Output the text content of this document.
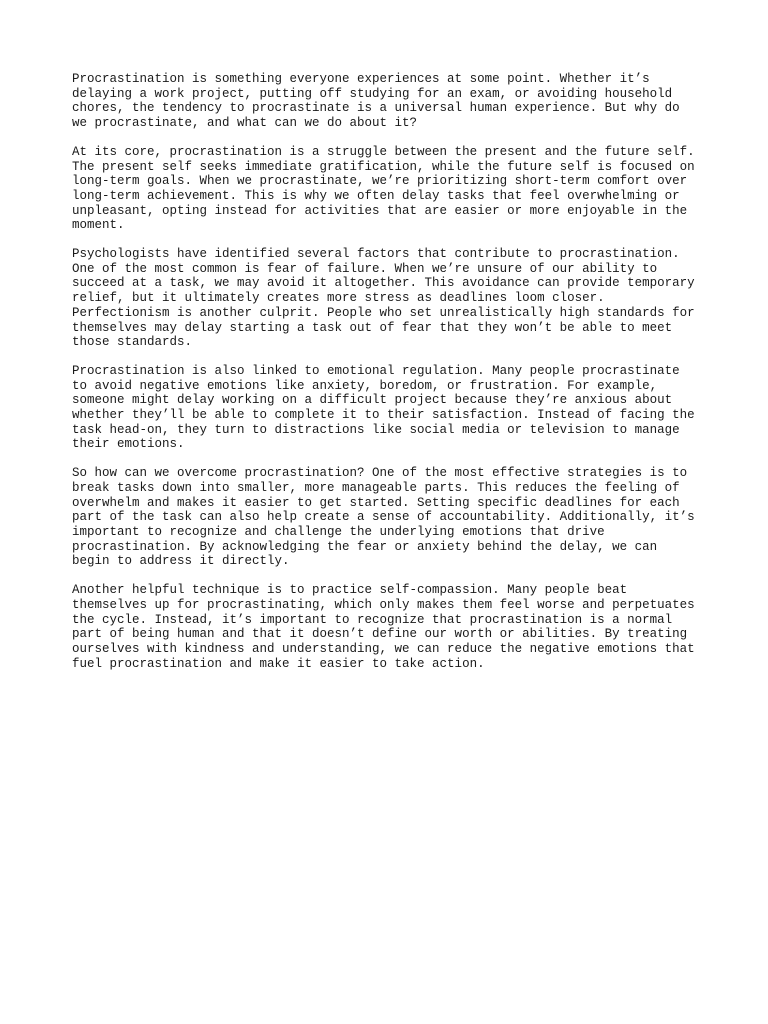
Procrastination is something everyone experiences at some point. Whether it’s
delaying a work project, putting off studying for an exam, or avoiding household
chores, the tendency to procrastinate is a universal human experience. But why do
we procrastinate, and what can we do about it?

At its core, procrastination is a struggle between the present and the future self.
The present self seeks immediate gratification, while the future self is focused on
long-term goals. When we procrastinate, we’re prioritizing short-term comfort over
long-term achievement. This is why we often delay tasks that feel overwhelming or
unpleasant, opting instead for activities that are easier or more enjoyable in the
moment.

Psychologists have identified several factors that contribute to procrastination.
One of the most common is fear of failure. When we’re unsure of our ability to
succeed at a task, we may avoid it altogether. This avoidance can provide temporary
relief, but it ultimately creates more stress as deadlines loom closer.
Perfectionism is another culprit. People who set unrealistically high standards for
themselves may delay starting a task out of fear that they won’t be able to meet
those standards.

Procrastination is also linked to emotional regulation. Many people procrastinate
to avoid negative emotions like anxiety, boredom, or frustration. For example,
someone might delay working on a difficult project because they’re anxious about
whether they’ll be able to complete it to their satisfaction. Instead of facing the
task head-on, they turn to distractions like social media or television to manage
their emotions.

So how can we overcome procrastination? One of the most effective strategies is to
break tasks down into smaller, more manageable parts. This reduces the feeling of
overwhelm and makes it easier to get started. Setting specific deadlines for each
part of the task can also help create a sense of accountability. Additionally, it’s
important to recognize and challenge the underlying emotions that drive
procrastination. By acknowledging the fear or anxiety behind the delay, we can
begin to address it directly.

Another helpful technique is to practice self-compassion. Many people beat
themselves up for procrastinating, which only makes them feel worse and perpetuates
the cycle. Instead, it’s important to recognize that procrastination is a normal
part of being human and that it doesn’t define our worth or abilities. By treating
ourselves with kindness and understanding, we can reduce the negative emotions that
fuel procrastination and make it easier to take action.
